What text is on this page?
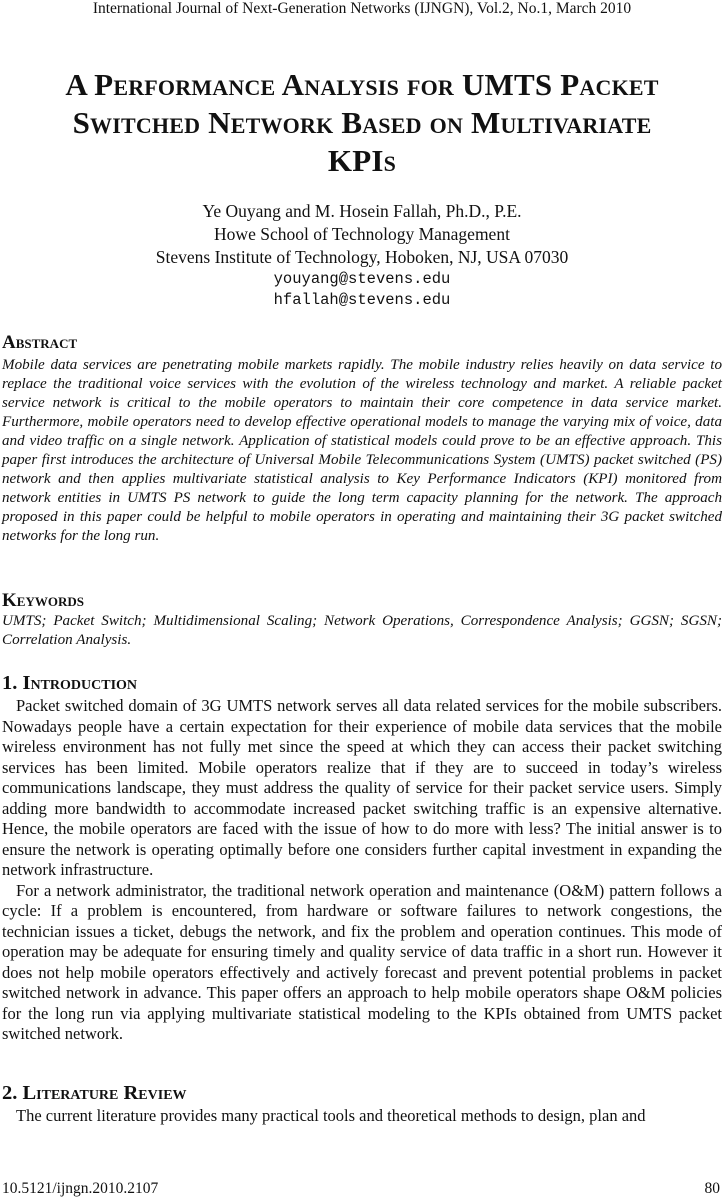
International Journal of Next-Generation Networks (IJNGN), Vol.2, No.1, March 2010
A Performance Analysis for UMTS Packet
Switched Network Based on Multivariate
KPIs
Ye Ouyang and M. Hosein Fallah, Ph.D., P.E.
Howe School of Technology Management
Stevens Institute of Technology, Hoboken, NJ, USA 07030
youyang@stevens.edu
hfallah@stevens.edu
Abstract

Mobile data services are penetrating mobile markets rapidly. The mobile industry relies heavily on data service to replace the traditional voice services with the evolution of the wireless technology and market. A reliable packet service network is critical to the mobile operators to maintain their core competence in data service market. Furthermore, mobile operators need to develop effective operational models to manage the varying mix of voice, data and video traffic on a single network. Application of statistical models could prove to be an effective approach. This paper first introduces the architecture of Universal Mobile Telecommunications System (UMTS) packet switched (PS) network and then applies multivariate statistical analysis to Key Performance Indicators (KPI) monitored from network entities in UMTS PS network to guide the long term capacity planning for the network. The approach proposed in this paper could be helpful to mobile operators in operating and maintaining their 3G packet switched networks for the long run.

Keywords

UMTS; Packet Switch; Multidimensional Scaling; Network Operations, Correspondence Analysis; GGSN; SGSN; Correlation Analysis.

1. Introduction

Packet switched domain of 3G UMTS network serves all data related services for the mobile subscribers. Nowadays people have a certain expectation for their experience of mobile data services that the mobile wireless environment has not fully met since the speed at which they can access their packet switching services has been limited. Mobile operators realize that if they are to succeed in today’s wireless communications landscape, they must address the quality of service for their packet service users. Simply adding more bandwidth to accommodate increased packet switching traffic is an expensive alternative. Hence, the mobile operators are faced with the issue of how to do more with less? The initial answer is to ensure the network is operating optimally before one considers further capital investment in expanding the network infrastructure.

For a network administrator, the traditional network operation and maintenance (O&M) pattern follows a cycle: If a problem is encountered, from hardware or software failures to network congestions, the technician issues a ticket, debugs the network, and fix the problem and operation continues. This mode of operation may be adequate for ensuring timely and quality service of data traffic in a short run. However it does not help mobile operators effectively and actively forecast and prevent potential problems in packet switched network in advance. This paper offers an approach to help mobile operators shape O&M policies for the long run via applying multivariate statistical modeling to the KPIs obtained from UMTS packet switched network.

2. Literature Review

The current literature provides many practical tools and theoretical methods to design, plan and

10.5121/ijngn.2010.2107	80
